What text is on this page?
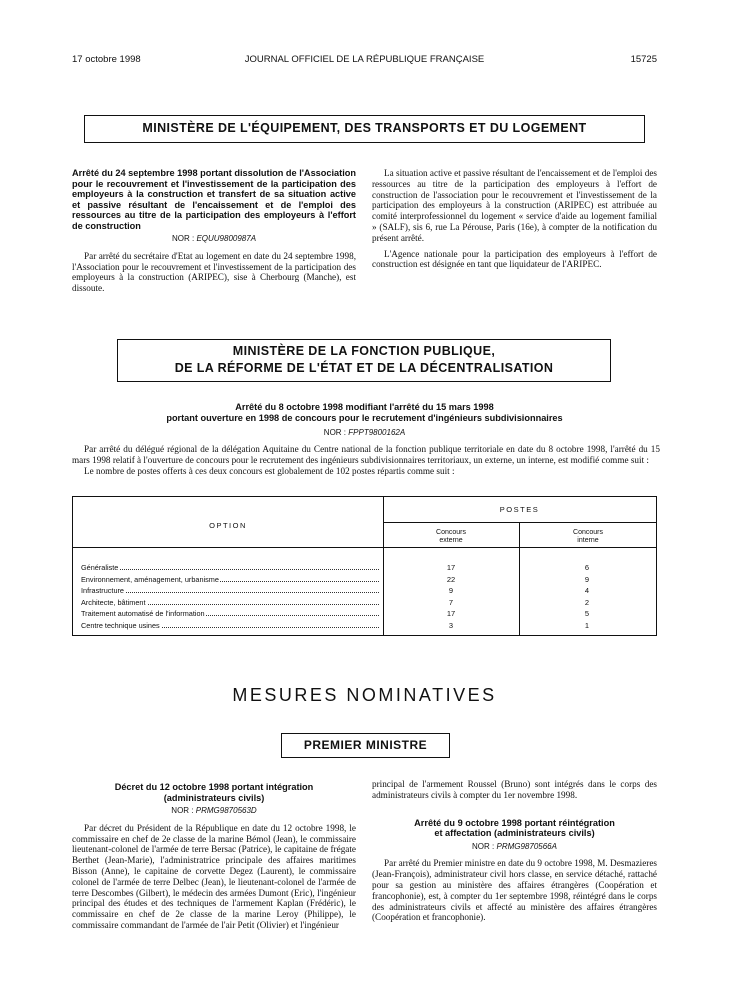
17 octobre 1998	JOURNAL OFFICIEL DE LA RÉPUBLIQUE FRANÇAISE	15725
MINISTÈRE DE L'ÉQUIPEMENT, DES TRANSPORTS ET DU LOGEMENT
Arrêté du 24 septembre 1998 portant dissolution de l'Association pour le recouvrement et l'investissement de la participation des employeurs à la construction et transfert de sa situation active et passive résultant de l'encaissement et de l'emploi des ressources au titre de la participation des employeurs à l'effort de construction
NOR : EQUU9800987A

Par arrêté du secrétaire d'Etat au logement en date du 24 septembre 1998, l'Association pour le recouvrement et l'investissement de la participation des employeurs à la construction (ARIPEC), sise à Cherbourg (Manche), est dissoute.

La situation active et passive résultant de l'encaissement et de l'emploi des ressources au titre de la participation des employeurs à l'effort de construction de l'association pour le recouvrement et l'investissement de la participation des employeurs à la construction (ARIPEC) est attribuée au comité interprofessionnel du logement « service d'aide au logement familial » (SALF), sis 6, rue La Pérouse, Paris (16e), à compter de la notification du présent arrêté.

L'Agence nationale pour la participation des employeurs à l'effort de construction est désignée en tant que liquidateur de l'ARIPEC.

MINISTÈRE DE LA FONCTION PUBLIQUE,
DE LA RÉFORME DE L'ÉTAT ET DE LA DÉCENTRALISATION
Arrêté du 8 octobre 1998 modifiant l'arrêté du 15 mars 1998
portant ouverture en 1998 de concours pour le recrutement d'ingénieurs subdivisionnaires
NOR : FPPT9800162A

Par arrêté du délégué régional de la délégation Aquitaine du Centre national de la fonction publique territoriale en date du 8 octobre 1998, l'arrêté du 15 mars 1998 relatif à l'ouverture de concours pour le recrutement des ingénieurs subdivisionnaires territoriaux, un externe, un interne, est modifié comme suit :

Le nombre de postes offerts à ces deux concours est globalement de 102 postes répartis comme suit :

OPTION
POSTES
Concours
externe
Concours
interne
Généraliste	17	6
Environnement, aménagement, urbanisme	22	9
Infrastructure	9	4
Architecte, bâtiment	7	2
Traitement automatisé de l'information	17	5
Centre technique usines	3	1
MESURES NOMINATIVES
PREMIER MINISTRE
Décret du 12 octobre 1998 portant intégration
(administrateurs civils)
NOR : PRMG9870563D

Par décret du Président de la République en date du 12 octobre 1998, le commissaire en chef de 2e classe de la marine Bémol (Jean), le commissaire lieutenant-colonel de l'armée de terre Bersac (Patrice), le capitaine de frégate Berthet (Jean-Marie), l'administratrice principale des affaires maritimes Bisson (Anne), le capitaine de corvette Degez (Laurent), le commissaire colonel de l'armée de terre Delbec (Jean), le lieutenant-colonel de l'armée de terre Descombes (Gilbert), le médecin des armées Dumont (Eric), l'ingénieur principal des études et des techniques de l'armement Kaplan (Frédéric), le commissaire en chef de 2e classe de la marine Leroy (Philippe), le commissaire commandant de l'armée de l'air Petit (Olivier) et l'ingénieur

principal de l'armement Roussel (Bruno) sont intégrés dans le corps des administrateurs civils à compter du 1er novembre 1998.

Arrêté du 9 octobre 1998 portant réintégration
et affectation (administrateurs civils)
NOR : PRMG9870566A

Par arrêté du Premier ministre en date du 9 octobre 1998, M. Desmazieres (Jean-François), administrateur civil hors classe, en service détaché, rattaché pour sa gestion au ministère des affaires étrangères (Coopération et francophonie), est, à compter du 1er septembre 1998, réintégré dans le corps des administrateurs civils et affecté au ministère des affaires étrangères (Coopération et francophonie).
